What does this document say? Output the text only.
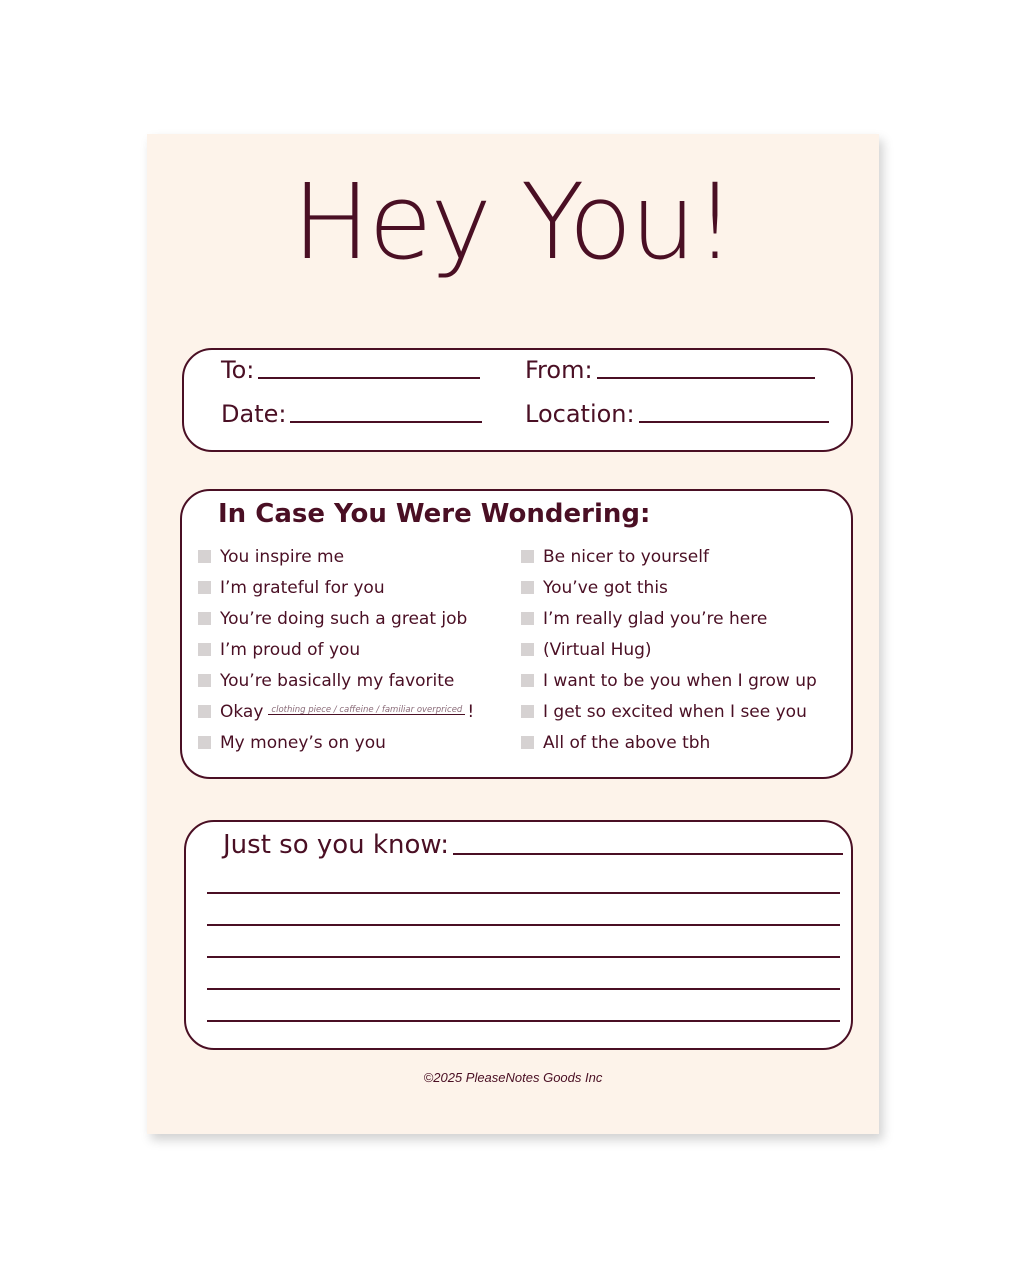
Hey You!
To:	From:
Date:	Location:
In Case You Were Wondering:
You inspire me
I’m grateful for you
You’re doing such a great job
I’m proud of you
You’re basically my favorite
Okay clothing piece / caffeine / familiar overpriced !
My money’s on you
Be nicer to yourself
You’ve got this
I’m really glad you’re here
(Virtual Hug)
I want to be you when I grow up
I get so excited when I see you
All of the above tbh
Just so you know:
©2025 PleaseNotes Goods Inc
